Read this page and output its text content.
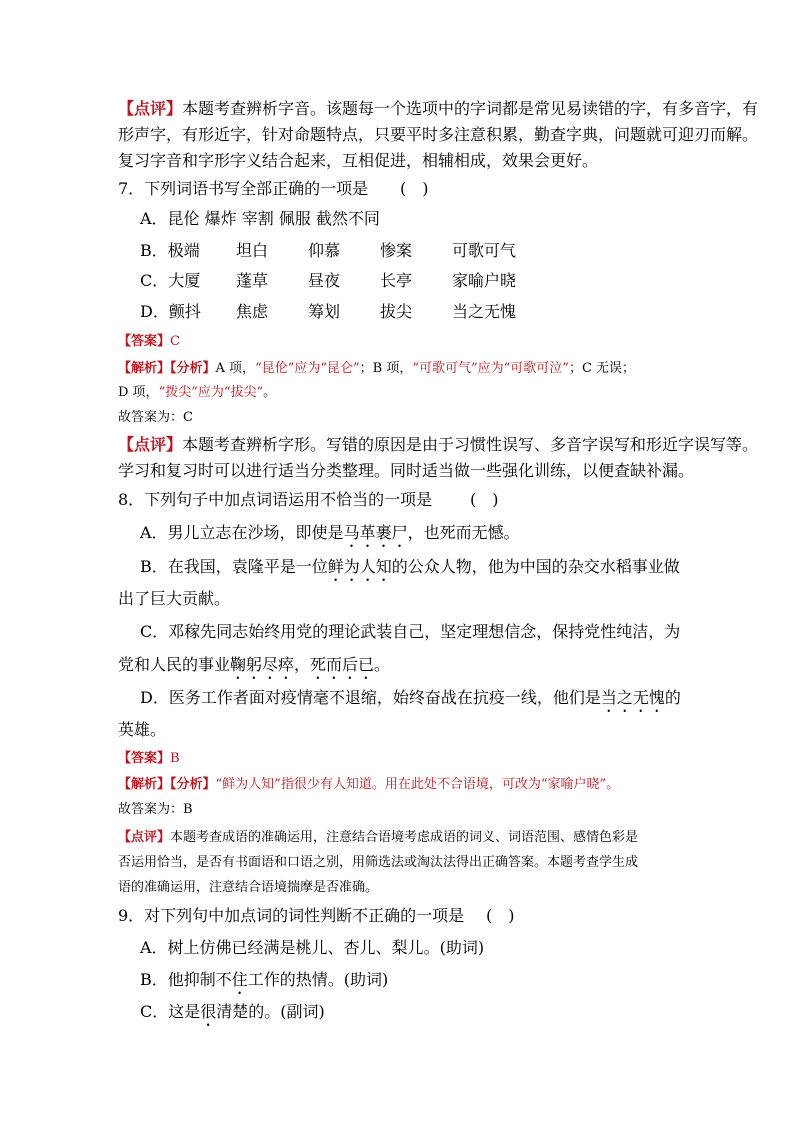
【点评】本题考查辨析字音。该题每一个选项中的字词都是常见易读错的字，有多音字，有
形声字，有形近字，针对命题特点，只要平时多注意积累，勤查字典，问题就可迎刃而解。
复习字音和字形字义结合起来，互相促进，相辅相成，效果会更好。
7．下列词语书写全部正确的一项是 (　)
A．昆伦 爆炸 宰割 佩服 截然不同
B．极端 坦白 仰慕 惨案 可歌可气
C．大厦 蓬草 昼夜 长亭 家喻户晓
D．颤抖 焦虑 筹划 拔尖 当之无愧
【答案】C
【解析】【分析】A 项，“昆伦”应为“昆仑”；B 项，“可歌可气”应为“可歌可泣”；C 无误；
D 项，“拨尖”应为“拔尖”。
故答案为：C
【点评】本题考查辨析字形。写错的原因是由于习惯性误写、多音字误写和形近字误写等。
学习和复习时可以进行适当分类整理。同时适当做一些强化训练，以便查缺补漏。
8．下列句子中加点词语运用不恰当的一项是 (　)
A．男儿立志在沙场，即使是马革裹尸，也死而无憾。
B．在我国，袁隆平是一位鲜为人知的公众人物，他为中国的杂交水稻事业做
出了巨大贡献。
C．邓稼先同志始终用党的理论武装自己，坚定理想信念，保持党性纯洁，为
党和人民的事业鞠躬尽瘁，死而后已。
D．医务工作者面对疫情毫不退缩，始终奋战在抗疫一线，他们是当之无愧的
英雄。
【答案】B
【解析】【分析】“鲜为人知”指很少有人知道。用在此处不合语境，可改为“家喻户晓”。
故答案为：B
【点评】本题考查成语的准确运用，注意结合语境考虑成语的词义、词语范围、感情色彩是
否运用恰当，是否有书面语和口语之别，用筛选法或淘汰法得出正确答案。本题考查学生成
语的准确运用，注意结合语境揣摩是否准确。
9．对下列句中加点词的词性判断不正确的一项是 (　)
A．树上仿佛已经满是桃儿、杏儿、梨儿。(助词)
B．他抑制不住工作的热情。(助词)
C．这是很清楚的。(副词)
